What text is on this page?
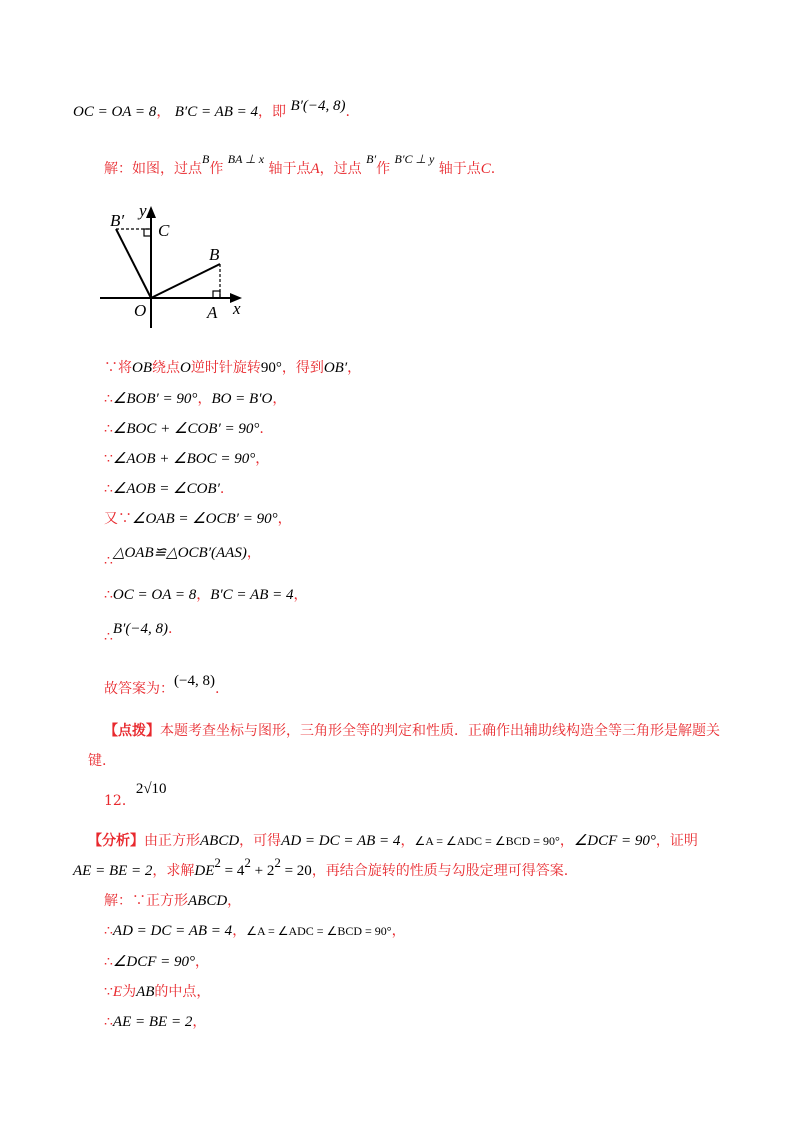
OC = OA = 8， B′C = AB = 4，即 B′(−4, 8).
解：如图，过点B作 BA ⊥ x 轴于点A，过点 B′作 B′C ⊥ y 轴于点C.
B′
y
C
B
O	A x
∵将OB绕点O逆时针旋转90°，得到OB′，
∴∠BOB′ = 90°，BO = B′O，
∴∠BOC + ∠COB′ = 90°.
∵∠AOB + ∠BOC = 90°，
∴∠AOB = ∠COB′.
又∵∠OAB = ∠OCB′ = 90°，
∴△OAB≌△OCB′(AAS)，
∴OC = OA = 8，B′C = AB = 4，
∴B′(−4, 8).
故答案为：(−4, 8).
【点拨】本题考查坐标与图形，三角形全等的判定和性质．正确作出辅助线构造全等三角形是解题关
键.
12．2√10
【分析】由正方形ABCD，可得AD = DC = AB = 4，∠A = ∠ADC = ∠BCD = 90°，∠DCF = 90°，证明
AE = BE = 2，求解DE2 = 42 + 22 = 20，再结合旋转的性质与勾股定理可得答案.
解：∵正方形ABCD，
∴AD = DC = AB = 4，∠A = ∠ADC = ∠BCD = 90°，
∴∠DCF = 90°，
∵E为AB的中点，
∴AE = BE = 2，
